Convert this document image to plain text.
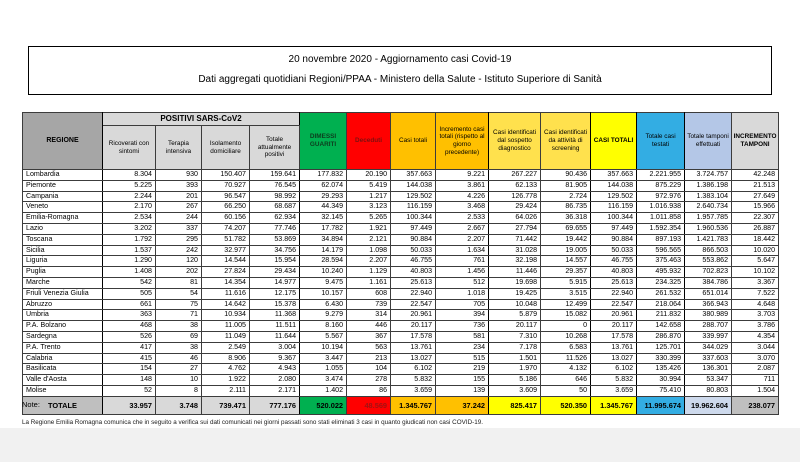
20 novembre 2020 - Aggiornamento casi Covid-19
Dati aggregati quotidiani Regioni/PPAA - Ministero della Salute - Istituto Superiore di Sanità
REGIONE	POSITIVI SARS-CoV2				DIMESSI GUARITI	Deceduti	Casi totali	Incremento casi totali (rispetto al giorno precedente)	Casi identificati dal sospetto diagnostico	Casi identificati da attività di screening	CASI TOTALI	Totale casi testati	Totale tamponi effettuati	INCREMENTO TAMPONI
	Ricoverati con sintomi	Terapia intensiva	Isolamento domiciliare	Totale attualmente positivi										
Lombardia	8.304	930	150.407	159.641	177.832	20.190	357.663	9.221	267.227	90.436	357.663	2.221.955	3.724.757	42.248
Piemonte	5.225	393	70.927	76.545	62.074	5.419	144.038	3.861	62.133	81.905	144.038	875.229	1.386.198	21.513
Campania	2.244	201	96.547	98.992	29.293	1.217	129.502	4.226	126.778	2.724	129.502	972.976	1.383.104	27.649
Veneto	2.170	267	66.250	68.687	44.349	3.123	116.159	3.468	29.424	86.735	116.159	1.016.938	2.640.734	15.966
Emilia-Romagna	2.534	244	60.156	62.934	32.145	5.265	100.344	2.533	64.026	36.318	100.344	1.011.858	1.957.785	22.307
Lazio	3.202	337	74.207	77.746	17.782	1.921	97.449	2.667	27.794	69.655	97.449	1.592.354	1.960.536	26.887
Toscana	1.792	295	51.782	53.869	34.894	2.121	90.884	2.207	71.442	19.442	90.884	897.193	1.421.783	18.442
Sicilia	1.537	242	32.977	34.756	14.179	1.098	50.033	1.634	31.028	19.005	50.033	596.565	866.503	10.020
Liguria	1.290	120	14.544	15.954	28.594	2.207	46.755	761	32.198	14.557	46.755	375.463	553.862	5.647
Puglia	1.408	202	27.824	29.434	10.240	1.129	40.803	1.456	11.446	29.357	40.803	495.932	702.823	10.102
Marche	542	81	14.354	14.977	9.475	1.161	25.613	512	19.698	5.915	25.613	234.325	384.786	3.367
Friuli Venezia Giulia	505	54	11.616	12.175	10.157	608	22.940	1.018	19.425	3.515	22.940	261.532	651.014	7.522
Abruzzo	661	75	14.642	15.378	6.430	739	22.547	705	10.048	12.499	22.547	218.064	366.943	4.648
Umbria	363	71	10.934	11.368	9.279	314	20.961	394	5.879	15.082	20.961	211.832	380.989	3.703
P.A. Bolzano	468	38	11.005	11.511	8.160	446	20.117	736	20.117	0	20.117	142.658	288.707	3.786
Sardegna	526	69	11.049	11.644	5.567	367	17.578	581	7.310	10.268	17.578	286.870	339.997	4.354
P.A. Trento	417	38	2.549	3.004	10.194	563	13.761	234	7.178	6.583	13.761	125.701	344.029	3.044
Calabria	415	46	8.906	9.367	3.447	213	13.027	515	1.501	11.526	13.027	330.399	337.603	3.070
Basilicata	154	27	4.762	4.943	1.055	104	6.102	219	1.970	4.132	6.102	135.426	136.301	2.087
Valle d'Aosta	148	10	1.922	2.080	3.474	278	5.832	155	5.186	646	5.832	30.994	53.347	711
Molise	52	8	2.111	2.171	1.402	86	3.659	139	3.609	50	3.659	75.410	80.803	1.504
TOTALE	33.957	3.748	739.471	777.176	520.022	48.569	1.345.767	37.242	825.417	520.350	1.345.767	11.995.674	19.962.604	238.077
Note:
La Regione Emilia Romagna comunica che in seguito a verifica sui dati comunicati nei giorni passati sono stati eliminati 3 casi in quanto giudicati non casi COVID-19.
